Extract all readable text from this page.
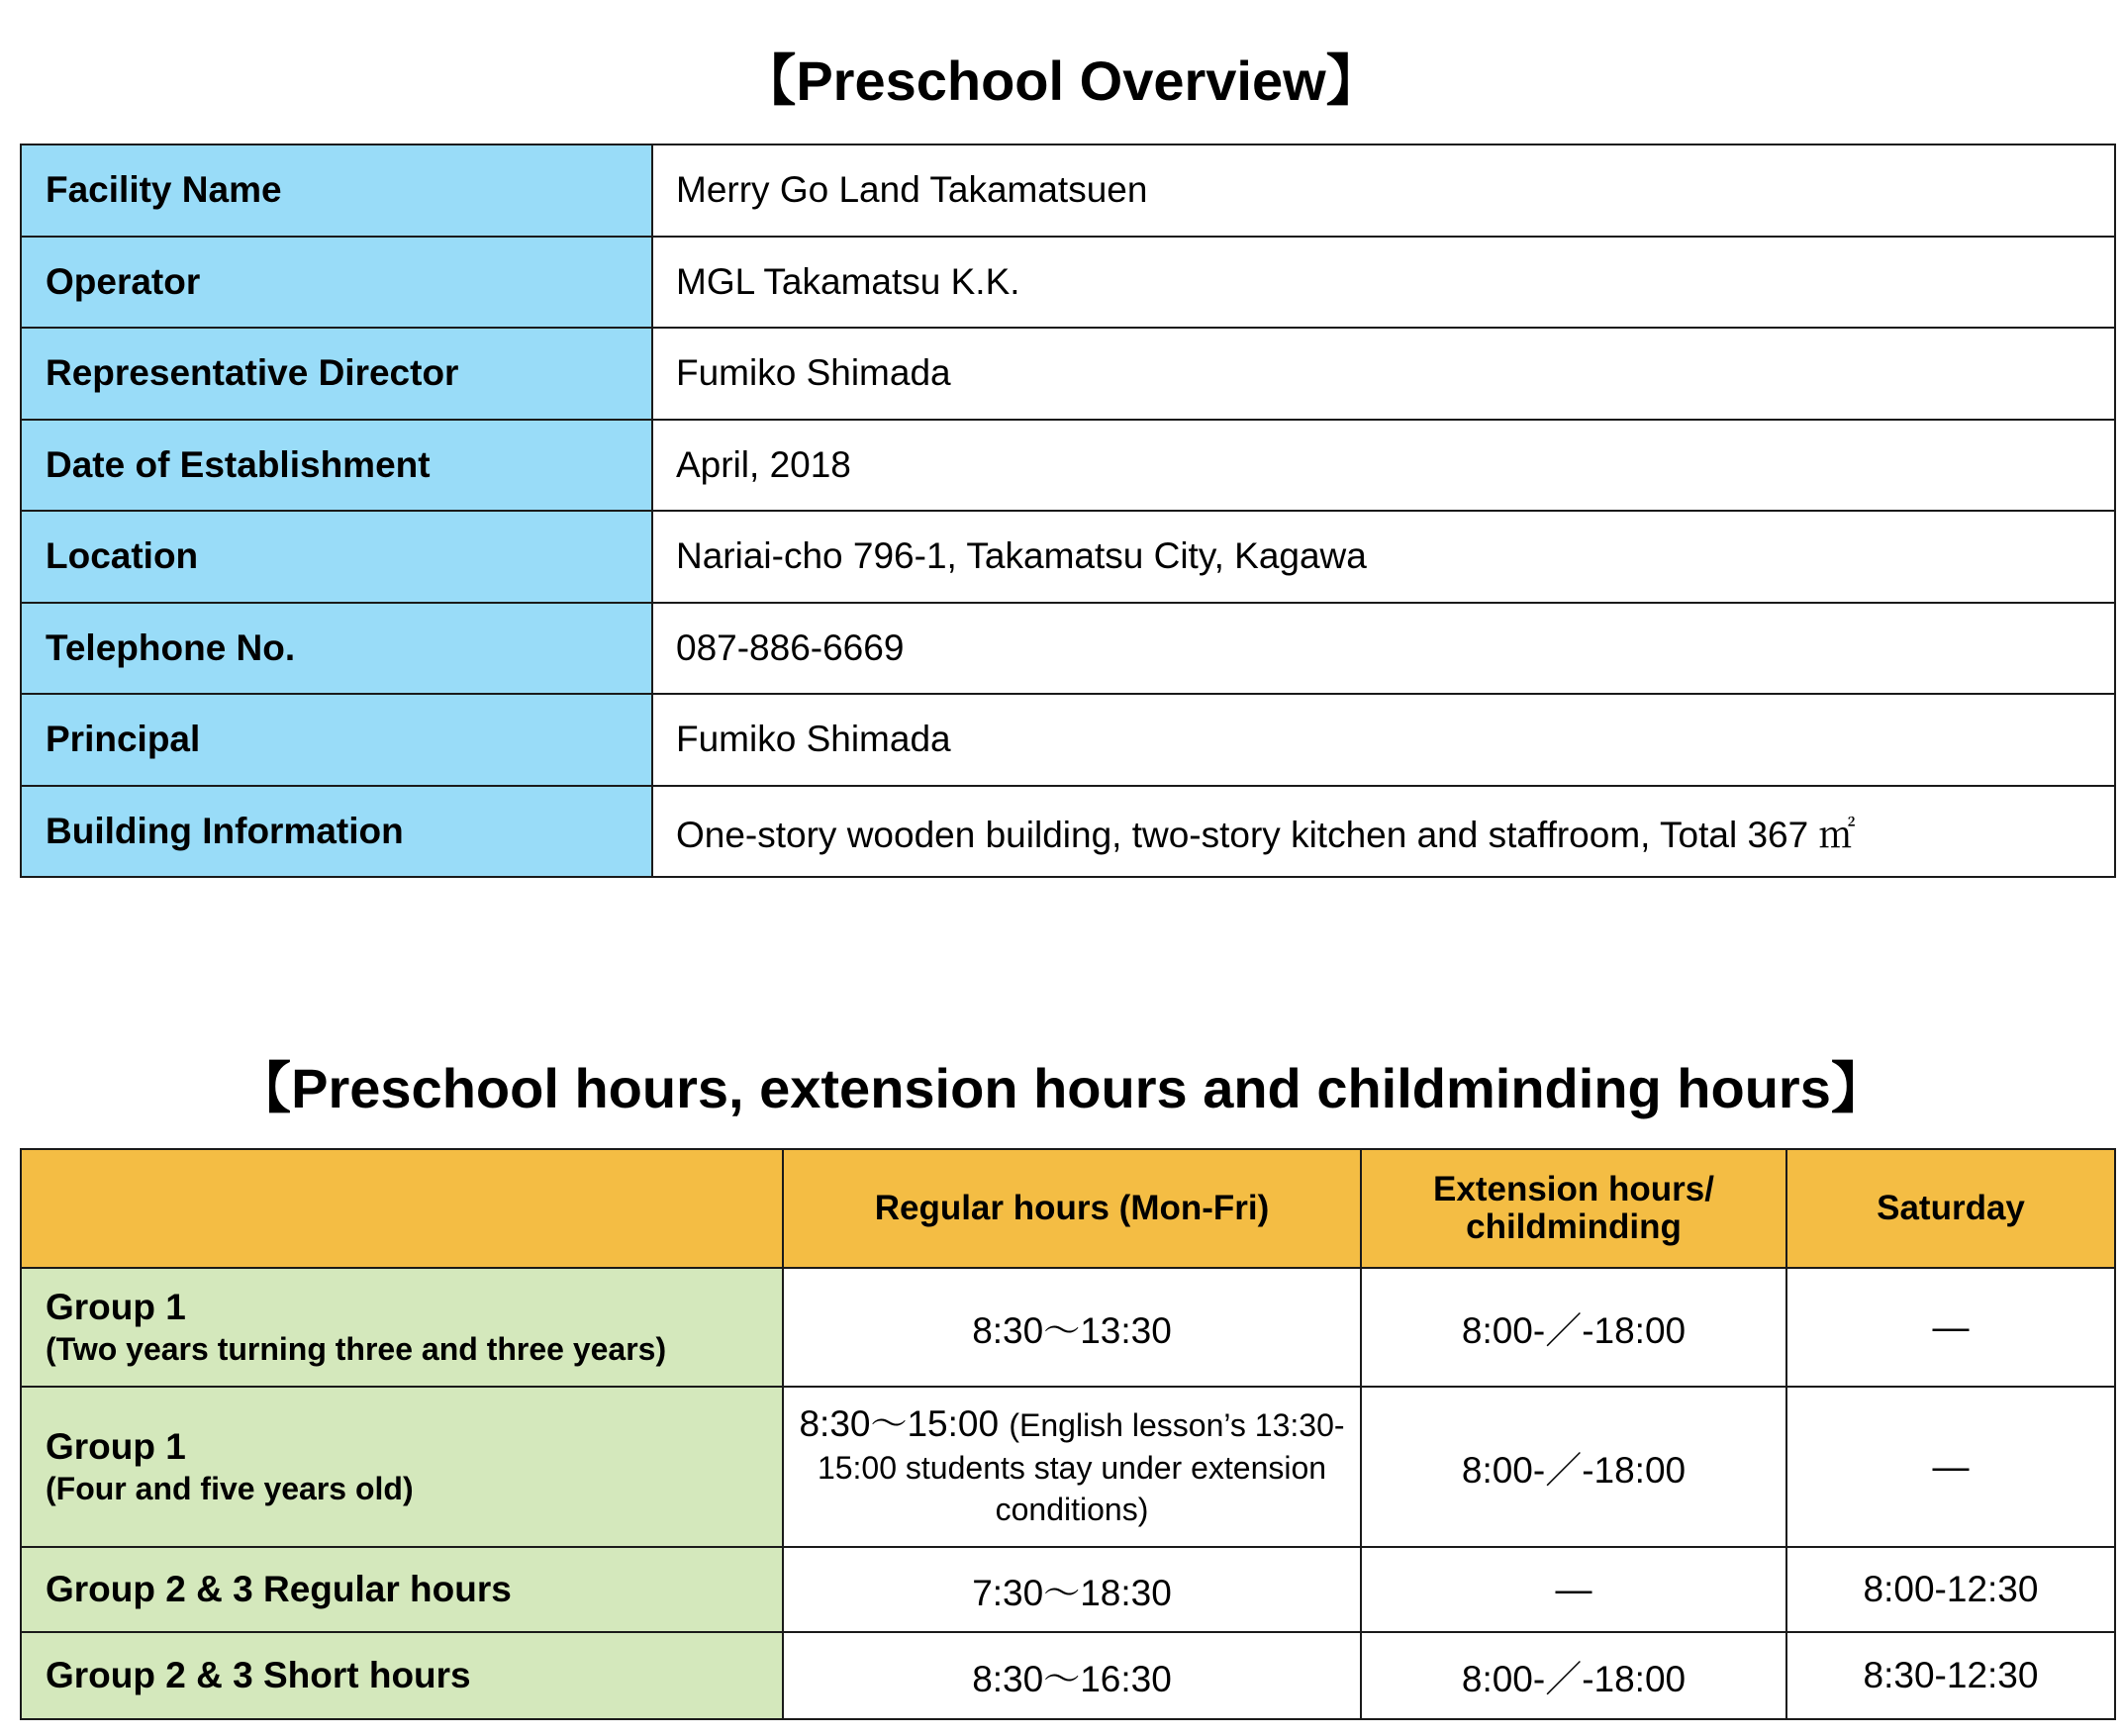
【Preschool Overview】
Facility Name	Merry Go Land Takamatsuen
Operator	MGL Takamatsu K.K.
Representative Director	Fumiko Shimada
Date of Establishment	April, 2018
Location	Nariai-cho 796-1, Takamatsu City, Kagawa
Telephone No.	087-886-6669
Principal	Fumiko Shimada
Building Information	One-story wooden building, two-story kitchen and staffroom, Total 367 ㎡
【Preschool hours, extension hours and childminding hours】
	Regular hours (Mon-Fri)	Extension hours/ childminding	Saturday

Group 1
(Two years turning three and three years)	8:30～13:30	8:00-／-18:00	―

Group 1
(Four and five years old)	8:30～15:00 (English lesson’s 13:30-15:00 students stay under extension conditions)	8:00-／-18:00	―

Group 2 & 3 Regular hours	7:30～18:30	―	8:00-12:30

Group 2 & 3 Short hours	8:30～16:30	8:00-／-18:00	8:30-12:30
